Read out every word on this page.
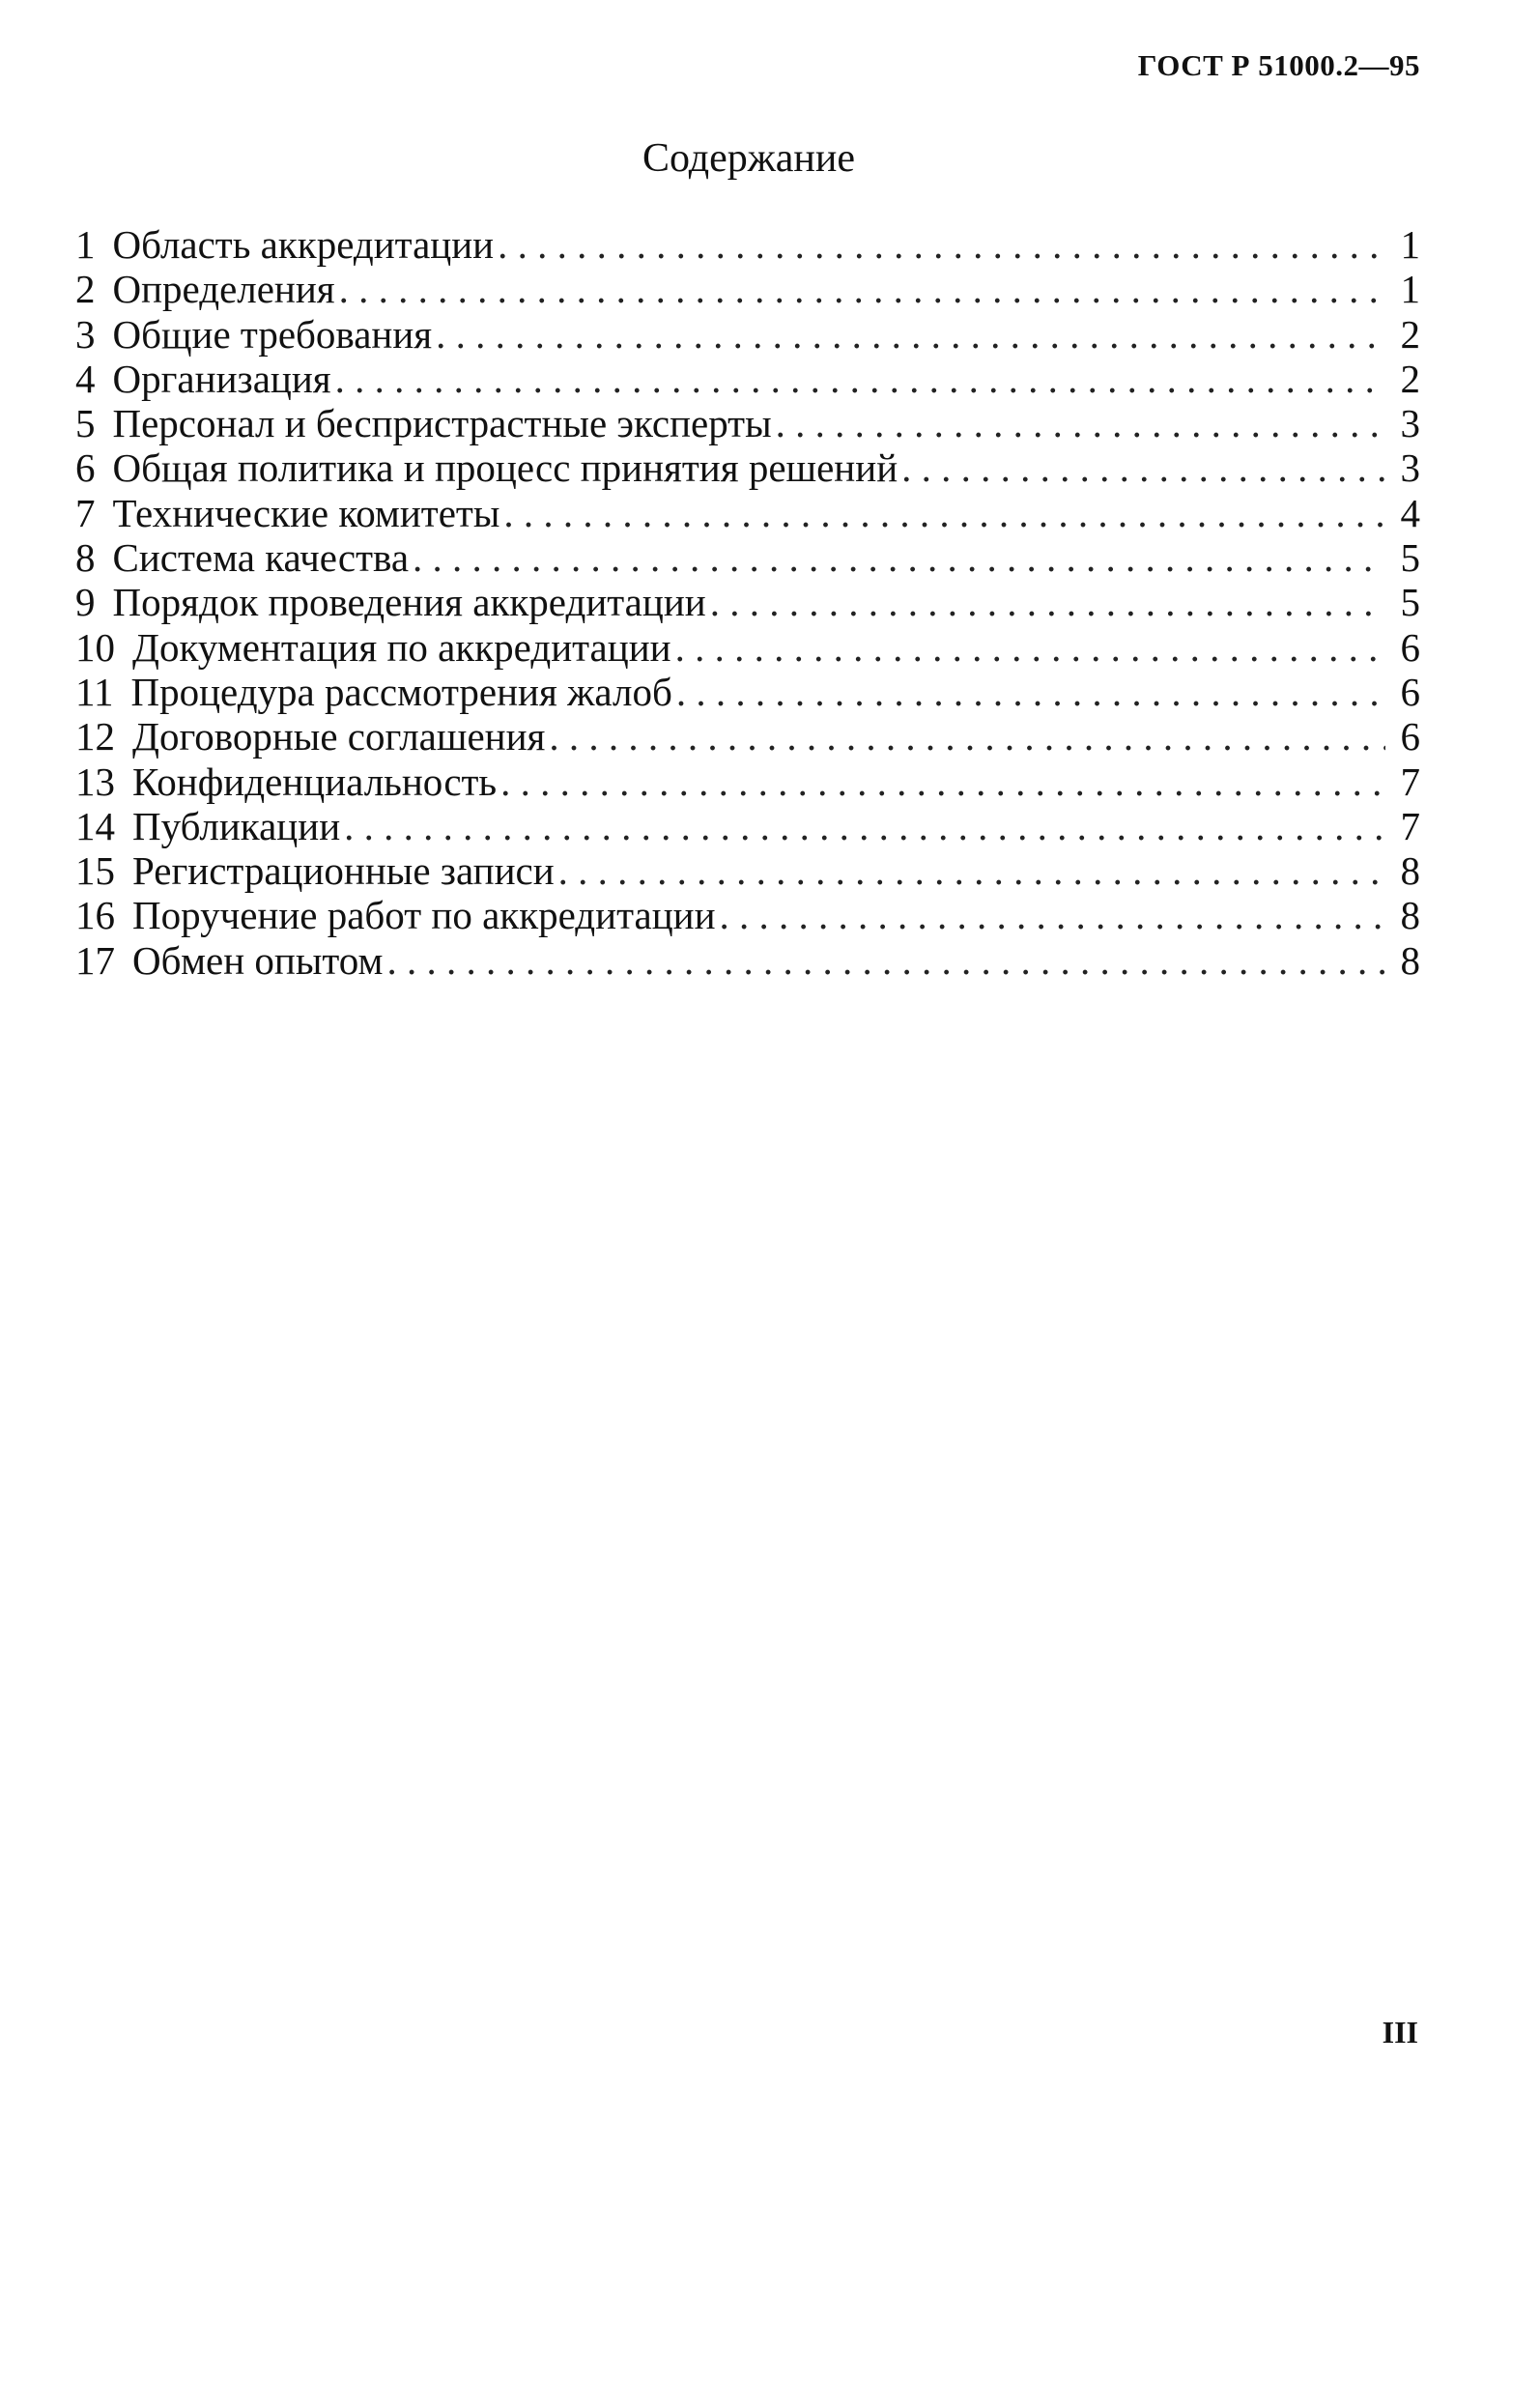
ГОСТ Р 51000.2—95
Содержание
1 Область аккредитации . . .	1
2 Определения . . .	1
3 Общие требования . . .	2
4 Организация . . .	2
5 Персонал и беспристрастные эксперты . . .	3
6 Общая политика и процесс принятия решений . . .	3
7 Технические комитеты . . .	4
8 Система качества . . .	5
9 Порядок проведения аккредитации . . .	5
10 Документация по аккредитации . . .	6
11 Процедура рассмотрения жалоб . . .	6
12 Договорные соглашения . . .	6
13 Конфиденциальность . . .	7
14 Публикации . . .	7
15 Регистрационные записи . . .	8
16 Поручение работ по аккредитации . . .	8
17 Обмен опытом . . .	8
III
